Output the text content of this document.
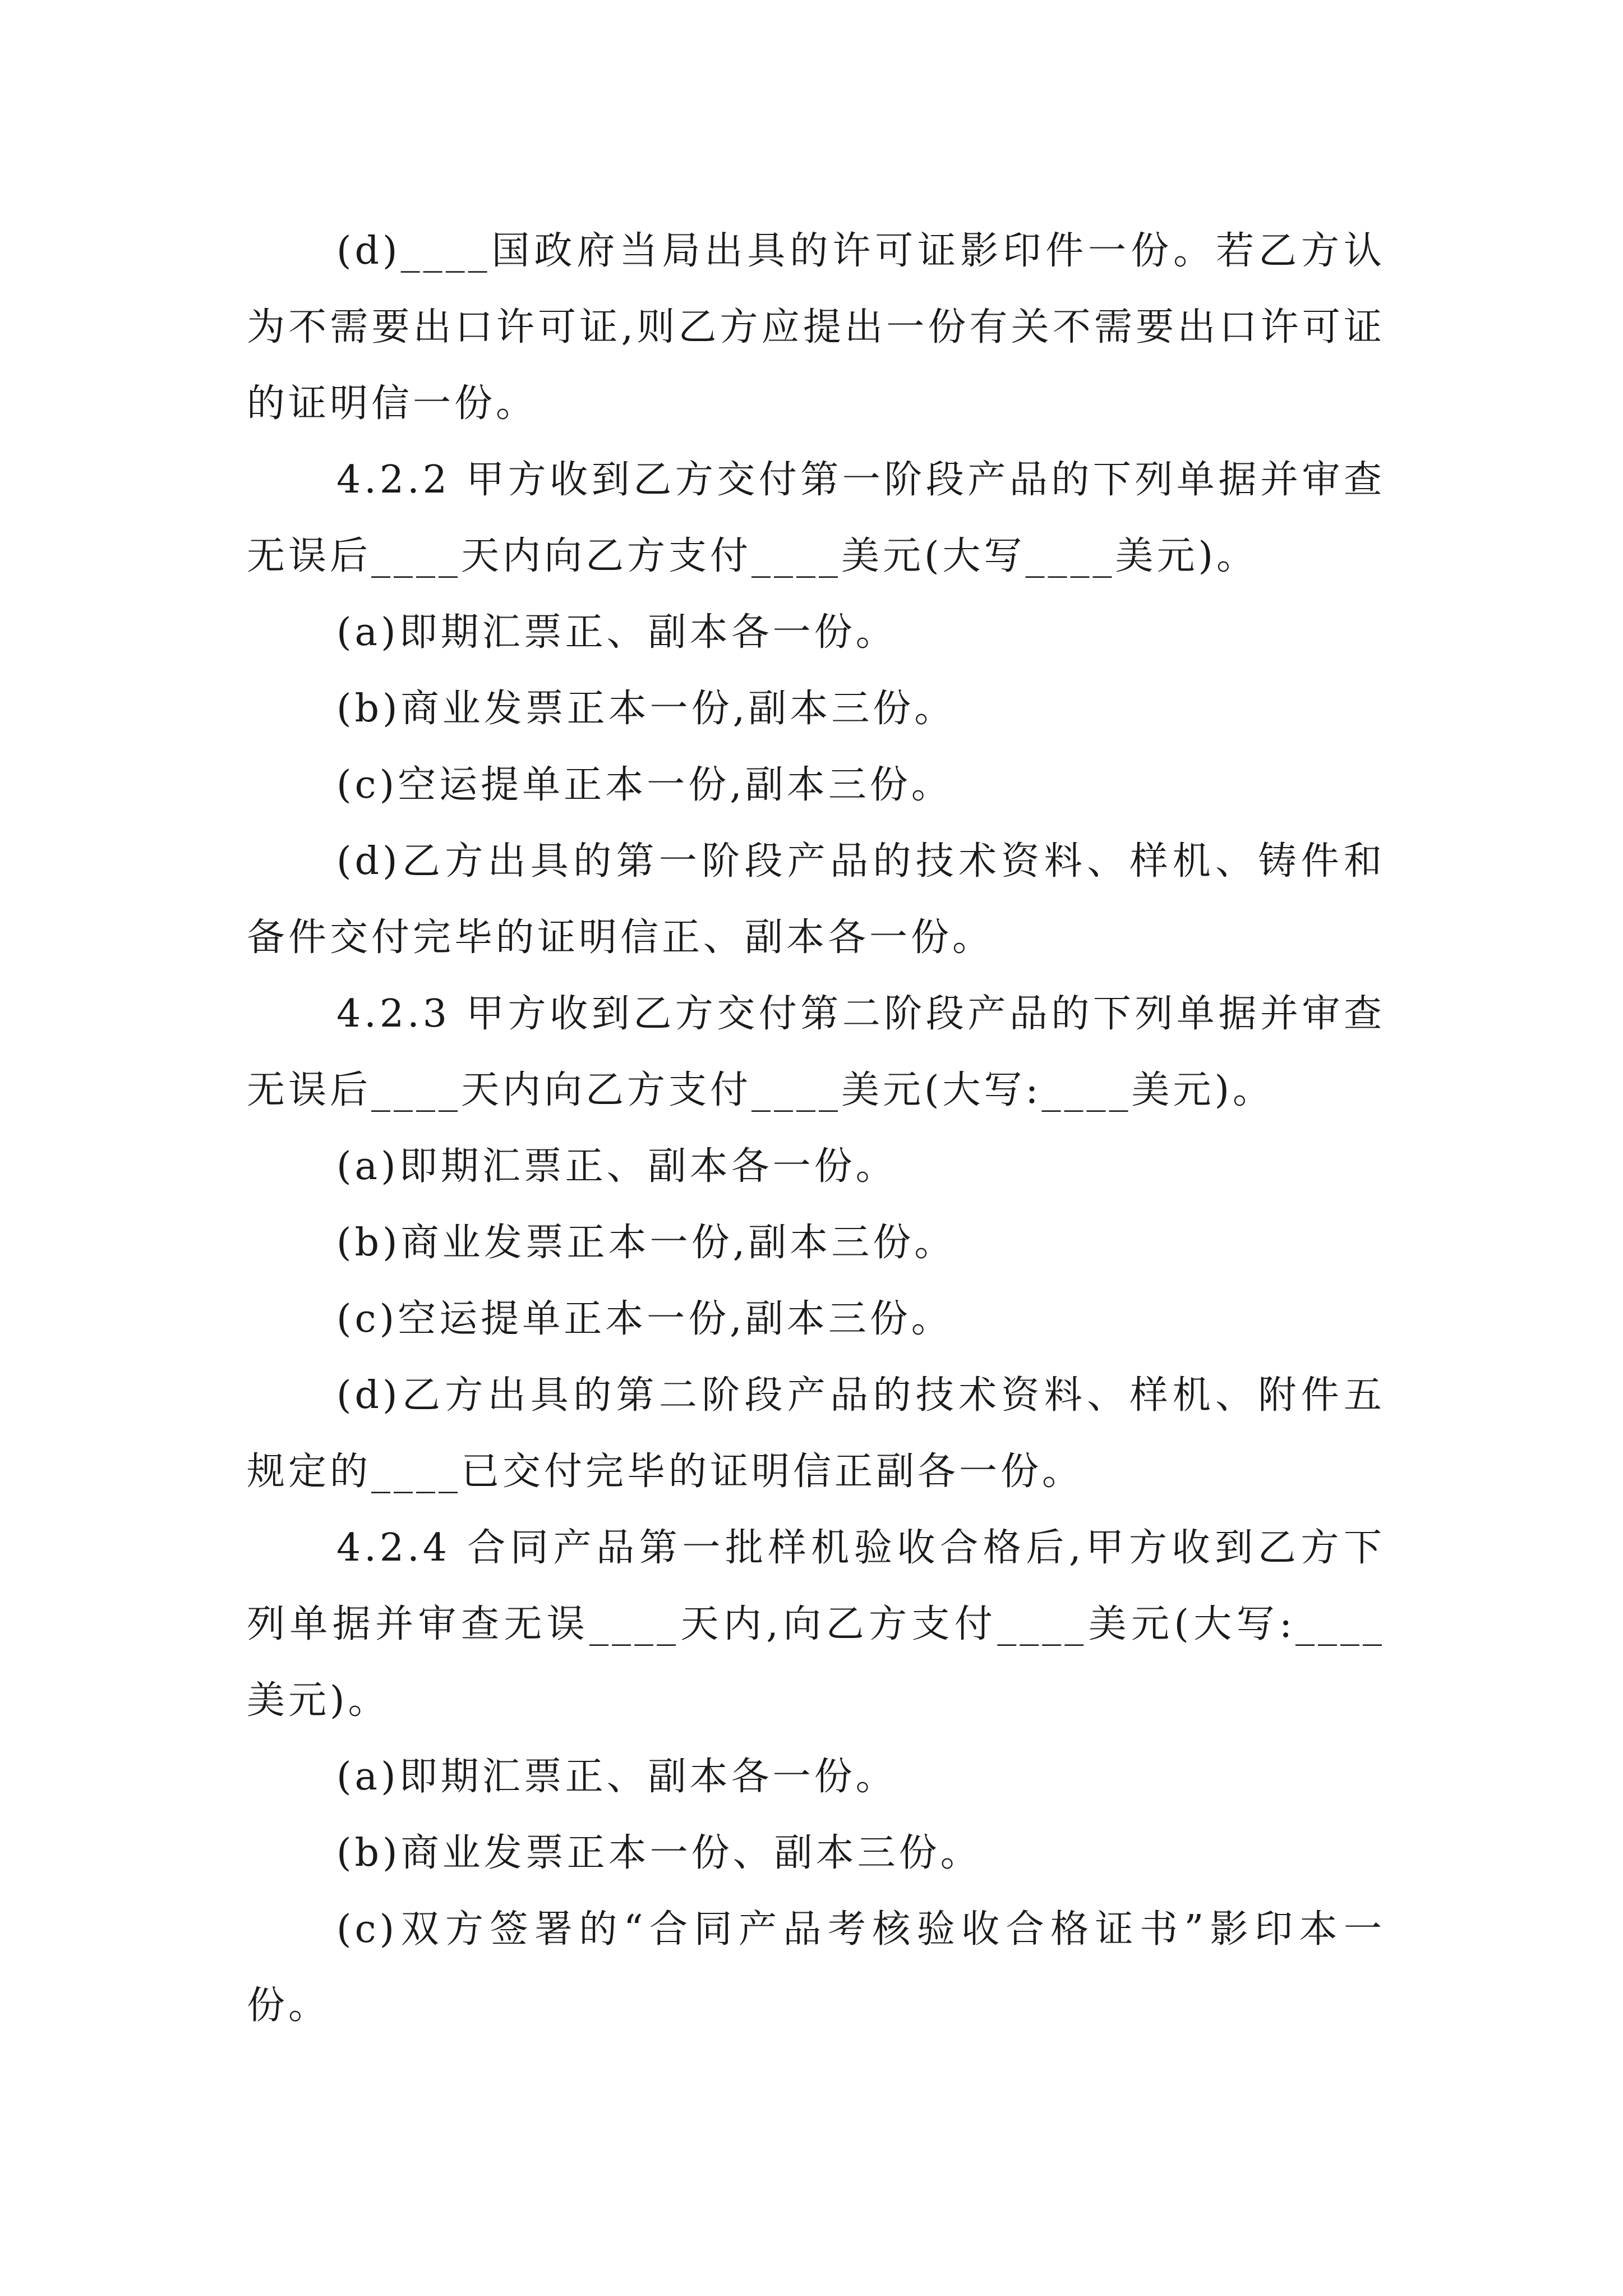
(d)____国政府当局出具的许可证影印件一份。若乙方认为不需要出口许可证,则乙方应提出一份有关不需要出口许可证的证明信一份。

4.2.2 甲方收到乙方交付第一阶段产品的下列单据并审查无误后____天内向乙方支付____美元(大写____美元)。

(a)即期汇票正、副本各一份。

(b)商业发票正本一份,副本三份。

(c)空运提单正本一份,副本三份。

(d)乙方出具的第一阶段产品的技术资料、样机、铸件和备件交付完毕的证明信正、副本各一份。

4.2.3 甲方收到乙方交付第二阶段产品的下列单据并审查无误后____天内向乙方支付____美元(大写:____美元)。

(a)即期汇票正、副本各一份。

(b)商业发票正本一份,副本三份。

(c)空运提单正本一份,副本三份。

(d)乙方出具的第二阶段产品的技术资料、样机、附件五规定的____已交付完毕的证明信正副各一份。

4.2.4 合同产品第一批样机验收合格后,甲方收到乙方下列单据并审查无误____天内,向乙方支付____美元(大写:____美元)。

(a)即期汇票正、副本各一份。

(b)商业发票正本一份、副本三份。

(c)双方签署的“合同产品考核验收合格证书”影印本一份。
